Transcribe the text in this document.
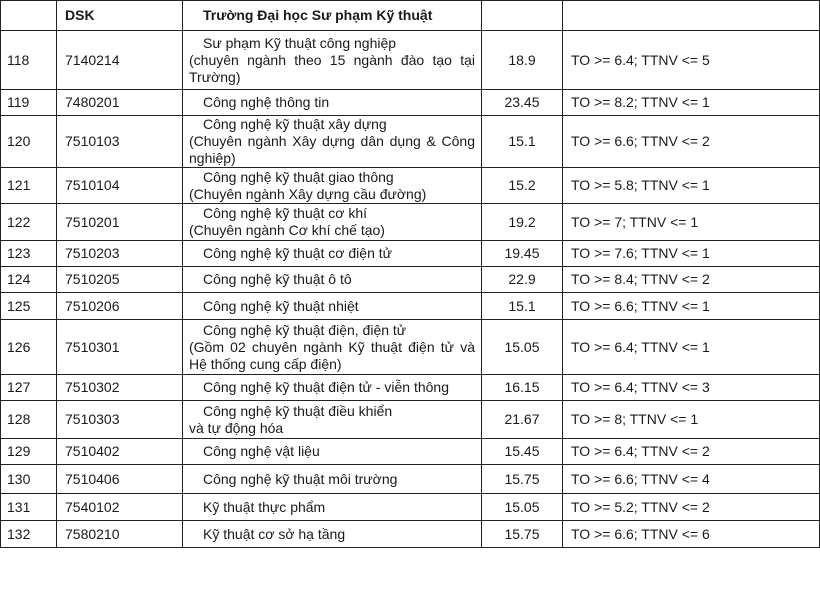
	DSK	Trường Đại học Sư phạm Kỹ thuật		

118	7140214	Sư phạm Kỹ thuật công nghiệp
(chuyên ngành theo 15 ngành đào tạo tại Trường)	18.9	TO >= 6.4; TTNV <= 5
119	7480201	Công nghệ thông tin	23.45	TO >= 8.2; TTNV <= 1
120	7510103	Công nghệ kỹ thuật xây dựng
(Chuyên ngành Xây dựng dân dụng & Công nghiệp)	15.1	TO >= 6.6; TTNV <= 2
121	7510104	Công nghệ kỹ thuật giao thông
(Chuyên ngành Xây dựng cầu đường)	15.2	TO >= 5.8; TTNV <= 1
122	7510201	Công nghệ kỹ thuật cơ khí
(Chuyên ngành Cơ khí chế tạo)	19.2	TO >= 7; TTNV <= 1
123	7510203	Công nghệ kỹ thuật cơ điện tử	19.45	TO >= 7.6; TTNV <= 1
124	7510205	Công nghệ kỹ thuật ô tô	22.9	TO >= 8.4; TTNV <= 2
125	7510206	Công nghệ kỹ thuật nhiệt	15.1	TO >= 6.6; TTNV <= 1
126	7510301	Công nghệ kỹ thuật điện, điện tử
(Gồm 02 chuyên ngành Kỹ thuật điện tử và Hệ thống cung cấp điện)	15.05	TO >= 6.4; TTNV <= 1
127	7510302	Công nghệ kỹ thuật điện tử - viễn thông	16.15	TO >= 6.4; TTNV <= 3
128	7510303	Công nghệ kỹ thuật điều khiển
và tự động hóa	21.67	TO >= 8; TTNV <= 1
129	7510402	Công nghệ vật liệu	15.45	TO >= 6.4; TTNV <= 2
130	7510406	Công nghệ kỹ thuật môi trường	15.75	TO >= 6.6; TTNV <= 4
131	7540102	Kỹ thuật thực phẩm	15.05	TO >= 5.2; TTNV <= 2
132	7580210	Kỹ thuật cơ sở hạ tầng	15.75	TO >= 6.6; TTNV <= 6
